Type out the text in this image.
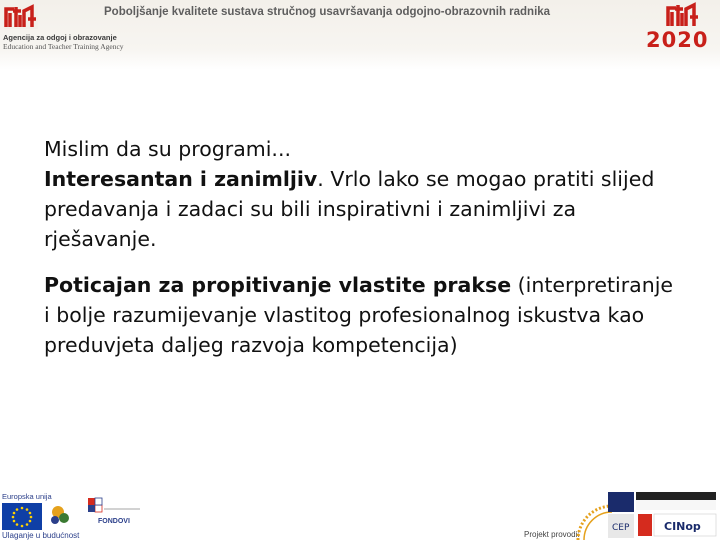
Agencija za odgoj i obrazovanje
Education and Teacher Training Agency
Poboljšanje kvalitete sustava stručnog usavršavanja odgojno-obrazovnih radnika
2020

Mislim da su programi...

Interesantan i zanimljiv. Vrlo lako se mogao pratiti slijed predavanja i zadaci su bili inspirativni i zanimljivi za rješavanje.

Poticajan za propitivanje vlastite prakse (interpretiranje i bolje razumijevanje vlastitog profesionalnog iskustva kao preduvjeta daljeg razvoja kompetencija)

Europska unija
Ulaganje u budućnost
FONDOVI
Projekt provodi:
CEP	CINop
